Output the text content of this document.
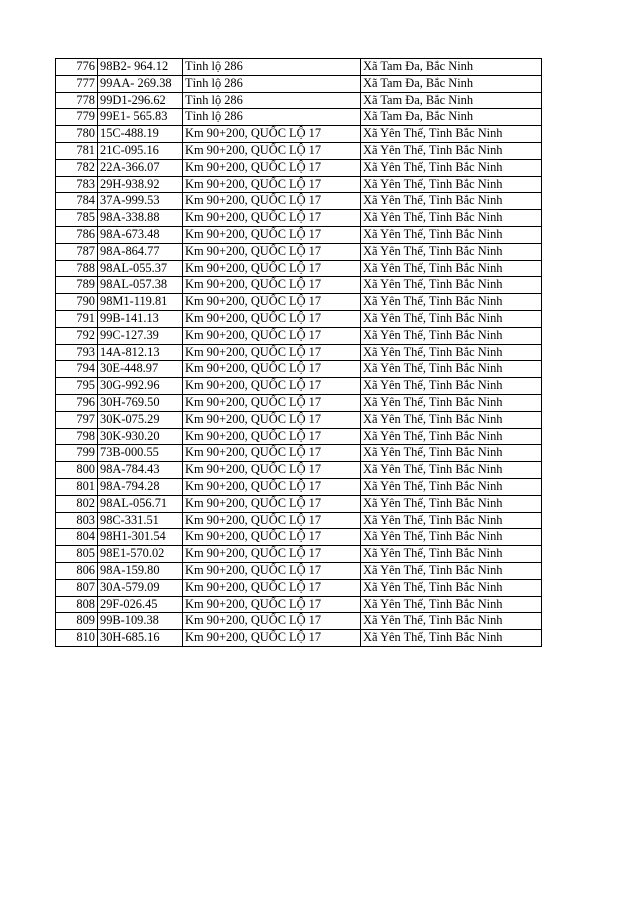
776	98B2- 964.12	Tỉnh lộ 286	Xã Tam Đa, Bắc Ninh
777	99AA- 269.38	Tỉnh lộ 286	Xã Tam Đa, Bắc Ninh
778	99D1-296.62	Tỉnh lộ 286	Xã Tam Đa, Bắc Ninh
779	99E1- 565.83	Tỉnh lộ 286	Xã Tam Đa, Bắc Ninh
780	15C-488.19	Km 90+200, QUỐC LỘ 17	Xã Yên Thế, Tỉnh Bắc Ninh
781	21C-095.16	Km 90+200, QUỐC LỘ 17	Xã Yên Thế, Tỉnh Bắc Ninh
782	22A-366.07	Km 90+200, QUỐC LỘ 17	Xã Yên Thế, Tỉnh Bắc Ninh
783	29H-938.92	Km 90+200, QUỐC LỘ 17	Xã Yên Thế, Tỉnh Bắc Ninh
784	37A-999.53	Km 90+200, QUỐC LỘ 17	Xã Yên Thế, Tỉnh Bắc Ninh
785	98A-338.88	Km 90+200, QUỐC LỘ 17	Xã Yên Thế, Tỉnh Bắc Ninh
786	98A-673.48	Km 90+200, QUỐC LỘ 17	Xã Yên Thế, Tỉnh Bắc Ninh
787	98A-864.77	Km 90+200, QUỐC LỘ 17	Xã Yên Thế, Tỉnh Bắc Ninh
788	98AL-055.37	Km 90+200, QUỐC LỘ 17	Xã Yên Thế, Tỉnh Bắc Ninh
789	98AL-057.38	Km 90+200, QUỐC LỘ 17	Xã Yên Thế, Tỉnh Bắc Ninh
790	98M1-119.81	Km 90+200, QUỐC LỘ 17	Xã Yên Thế, Tỉnh Bắc Ninh
791	99B-141.13	Km 90+200, QUỐC LỘ 17	Xã Yên Thế, Tỉnh Bắc Ninh
792	99C-127.39	Km 90+200, QUỐC LỘ 17	Xã Yên Thế, Tỉnh Bắc Ninh
793	14A-812.13	Km 90+200, QUỐC LỘ 17	Xã Yên Thế, Tỉnh Bắc Ninh
794	30E-448.97	Km 90+200, QUỐC LỘ 17	Xã Yên Thế, Tỉnh Bắc Ninh
795	30G-992.96	Km 90+200, QUỐC LỘ 17	Xã Yên Thế, Tỉnh Bắc Ninh
796	30H-769.50	Km 90+200, QUỐC LỘ 17	Xã Yên Thế, Tỉnh Bắc Ninh
797	30K-075.29	Km 90+200, QUỐC LỘ 17	Xã Yên Thế, Tỉnh Bắc Ninh
798	30K-930.20	Km 90+200, QUỐC LỘ 17	Xã Yên Thế, Tỉnh Bắc Ninh
799	73B-000.55	Km 90+200, QUỐC LỘ 17	Xã Yên Thế, Tỉnh Bắc Ninh
800	98A-784.43	Km 90+200, QUỐC LỘ 17	Xã Yên Thế, Tỉnh Bắc Ninh
801	98A-794.28	Km 90+200, QUỐC LỘ 17	Xã Yên Thế, Tỉnh Bắc Ninh
802	98AL-056.71	Km 90+200, QUỐC LỘ 17	Xã Yên Thế, Tỉnh Bắc Ninh
803	98C-331.51	Km 90+200, QUỐC LỘ 17	Xã Yên Thế, Tỉnh Bắc Ninh
804	98H1-301.54	Km 90+200, QUỐC LỘ 17	Xã Yên Thế, Tỉnh Bắc Ninh
805	98E1-570.02	Km 90+200, QUỐC LỘ 17	Xã Yên Thế, Tỉnh Bắc Ninh
806	98A-159.80	Km 90+200, QUỐC LỘ 17	Xã Yên Thế, Tỉnh Bắc Ninh
807	30A-579.09	Km 90+200, QUỐC LỘ 17	Xã Yên Thế, Tỉnh Bắc Ninh
808	29F-026.45	Km 90+200, QUỐC LỘ 17	Xã Yên Thế, Tỉnh Bắc Ninh
809	99B-109.38	Km 90+200, QUỐC LỘ 17	Xã Yên Thế, Tỉnh Bắc Ninh
810	30H-685.16	Km 90+200, QUỐC LỘ 17	Xã Yên Thế, Tỉnh Bắc Ninh
